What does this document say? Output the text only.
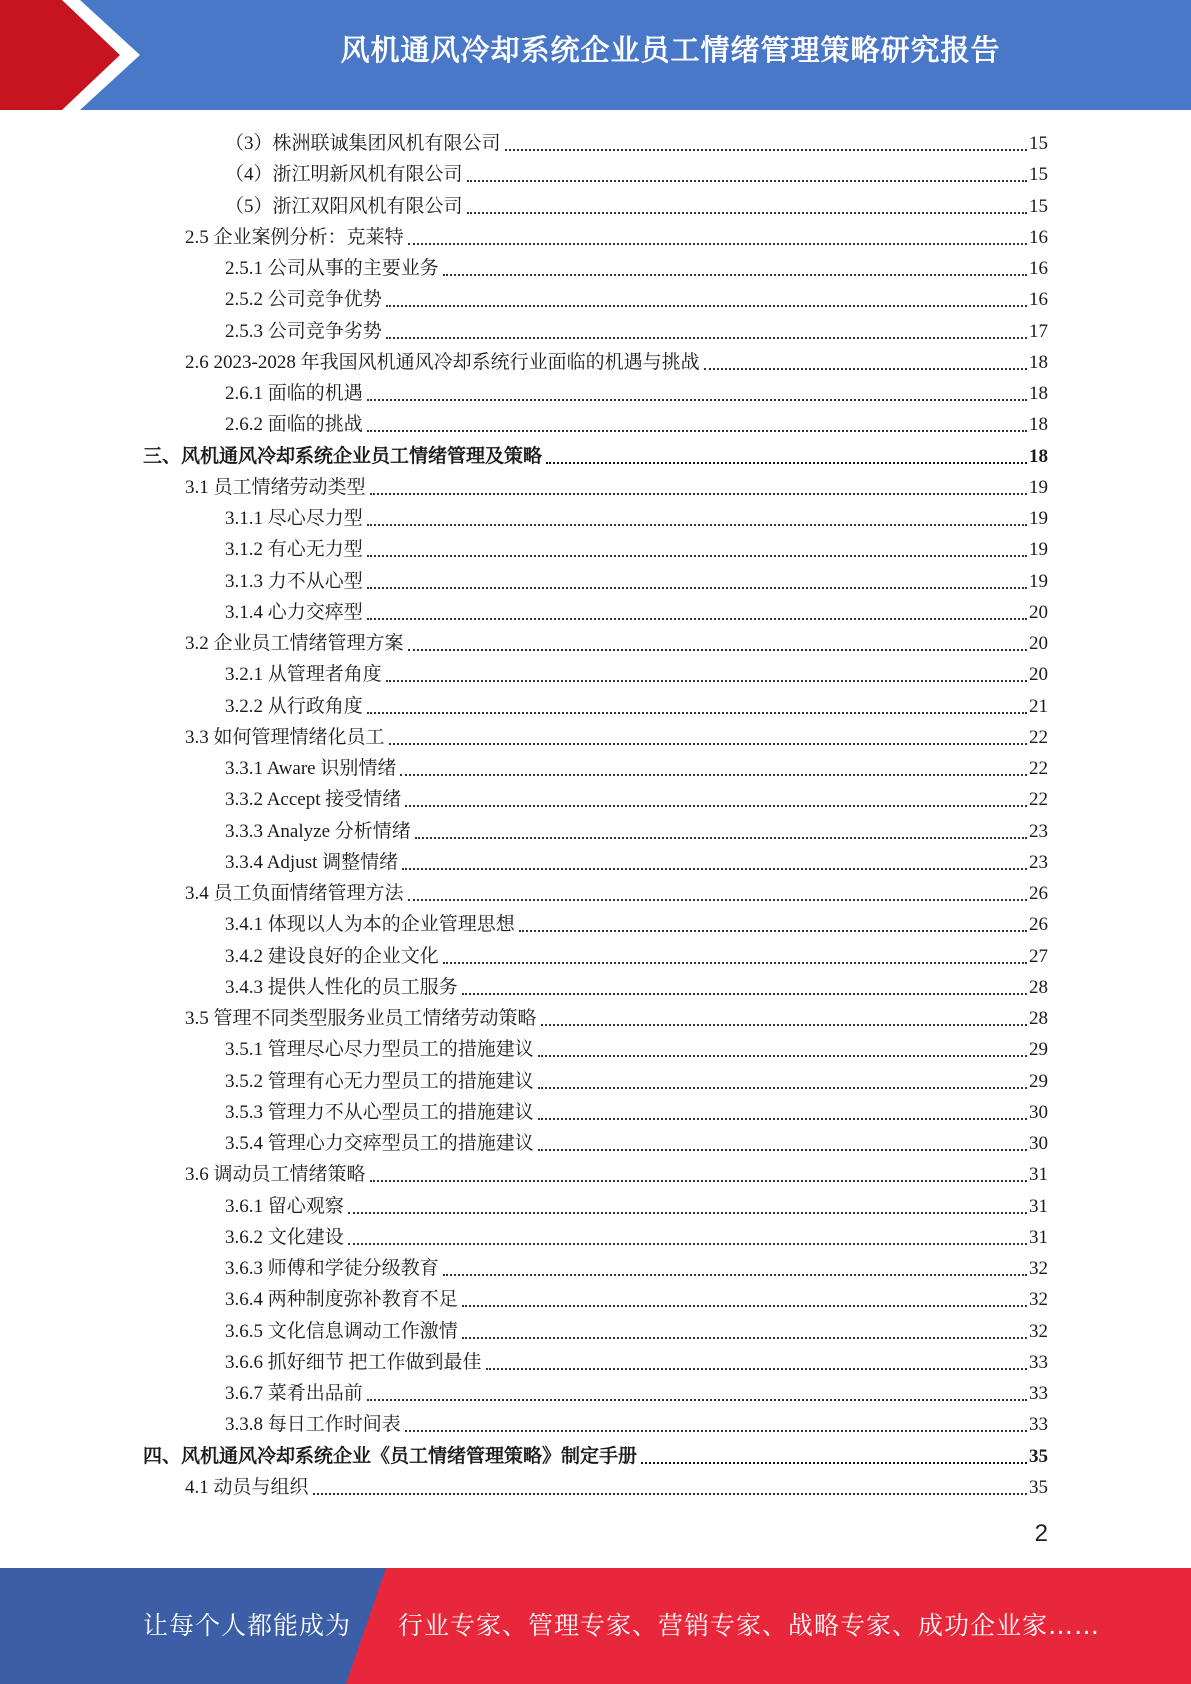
风机通风冷却系统企业员工情绪管理策略研究报告
（3）株洲联诚集团风机有限公司	15
（4）浙江明新风机有限公司	15
（5）浙江双阳风机有限公司	15
2.5 企业案例分析：克莱特	16
2.5.1 公司从事的主要业务	16
2.5.2 公司竞争优势	16
2.5.3 公司竞争劣势	17
2.6 2023-2028 年我国风机通风冷却系统行业面临的机遇与挑战	18
2.6.1 面临的机遇	18
2.6.2 面临的挑战	18
三、风机通风冷却系统企业员工情绪管理及策略	18
3.1 员工情绪劳动类型	19
3.1.1 尽心尽力型	19
3.1.2 有心无力型	19
3.1.3 力不从心型	19
3.1.4 心力交瘁型	20
3.2 企业员工情绪管理方案	20
3.2.1 从管理者角度	20
3.2.2 从行政角度	21
3.3 如何管理情绪化员工	22
3.3.1 Aware 识别情绪	22
3.3.2 Accept 接受情绪	22
3.3.3 Analyze 分析情绪	23
3.3.4 Adjust 调整情绪	23
3.4 员工负面情绪管理方法	26
3.4.1 体现以人为本的企业管理思想	26
3.4.2 建设良好的企业文化	27
3.4.3 提供人性化的员工服务	28
3.5 管理不同类型服务业员工情绪劳动策略	28
3.5.1 管理尽心尽力型员工的措施建议	29
3.5.2 管理有心无力型员工的措施建议	29
3.5.3 管理力不从心型员工的措施建议	30
3.5.4 管理心力交瘁型员工的措施建议	30
3.6 调动员工情绪策略	31
3.6.1 留心观察	31
3.6.2 文化建设	31
3.6.3 师傅和学徒分级教育	32
3.6.4 两种制度弥补教育不足	32
3.6.5 文化信息调动工作激情	32
3.6.6 抓好细节 把工作做到最佳	33
3.6.7 菜肴出品前	33
3.3.8 每日工作时间表	33
四、风机通风冷却系统企业《员工情绪管理策略》制定手册	35
4.1 动员与组织	35
2
让每个人都能成为 行业专家、管理专家、营销专家、战略专家、成功企业家……
